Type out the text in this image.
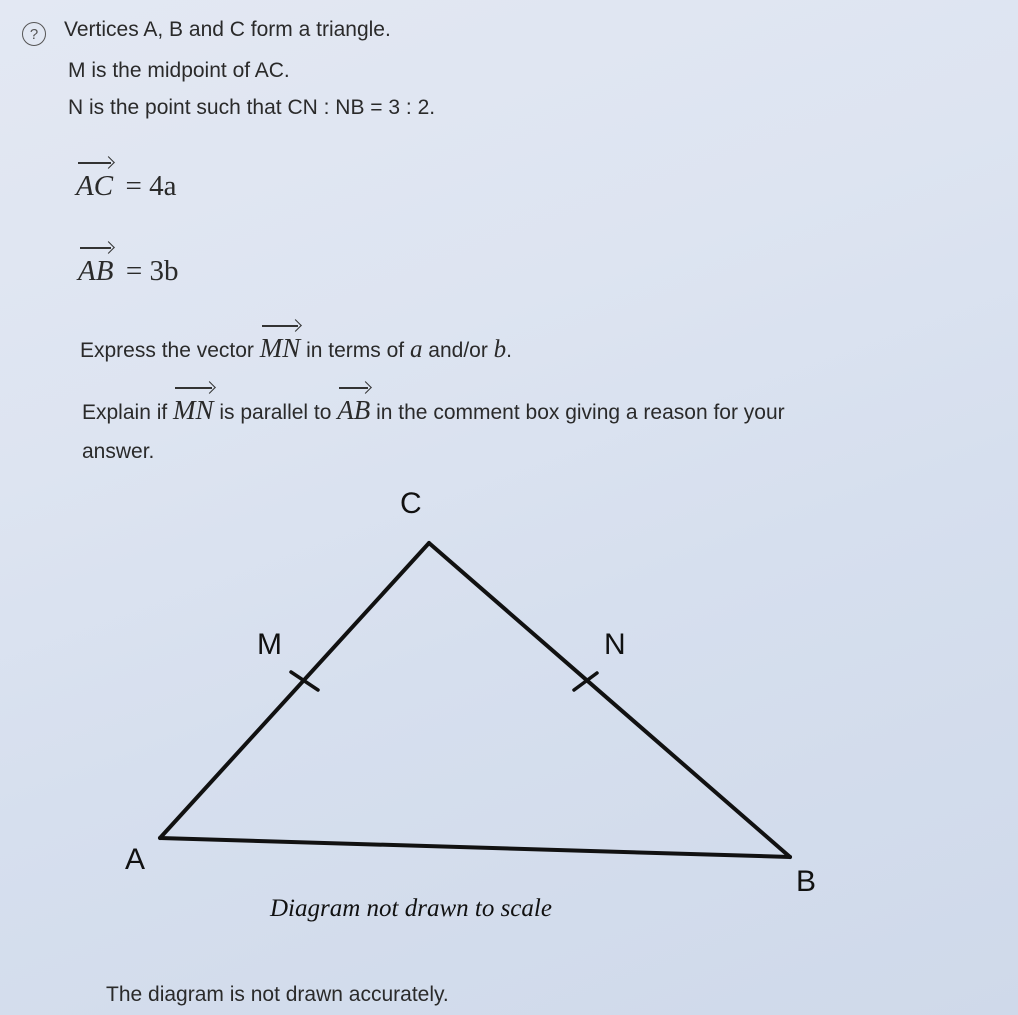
?	Vertices A, B and C form a triangle.
M is the midpoint of AC.
N is the point such that CN : NB = 3 : 2.
AC = 4a
AB = 3b
Express the vector MN in terms of a and/or b.
Explain if MN is parallel to AB in the comment box giving a reason for your
answer.
C
M	N
A
B
Diagram not drawn to scale
The diagram is not drawn accurately.
